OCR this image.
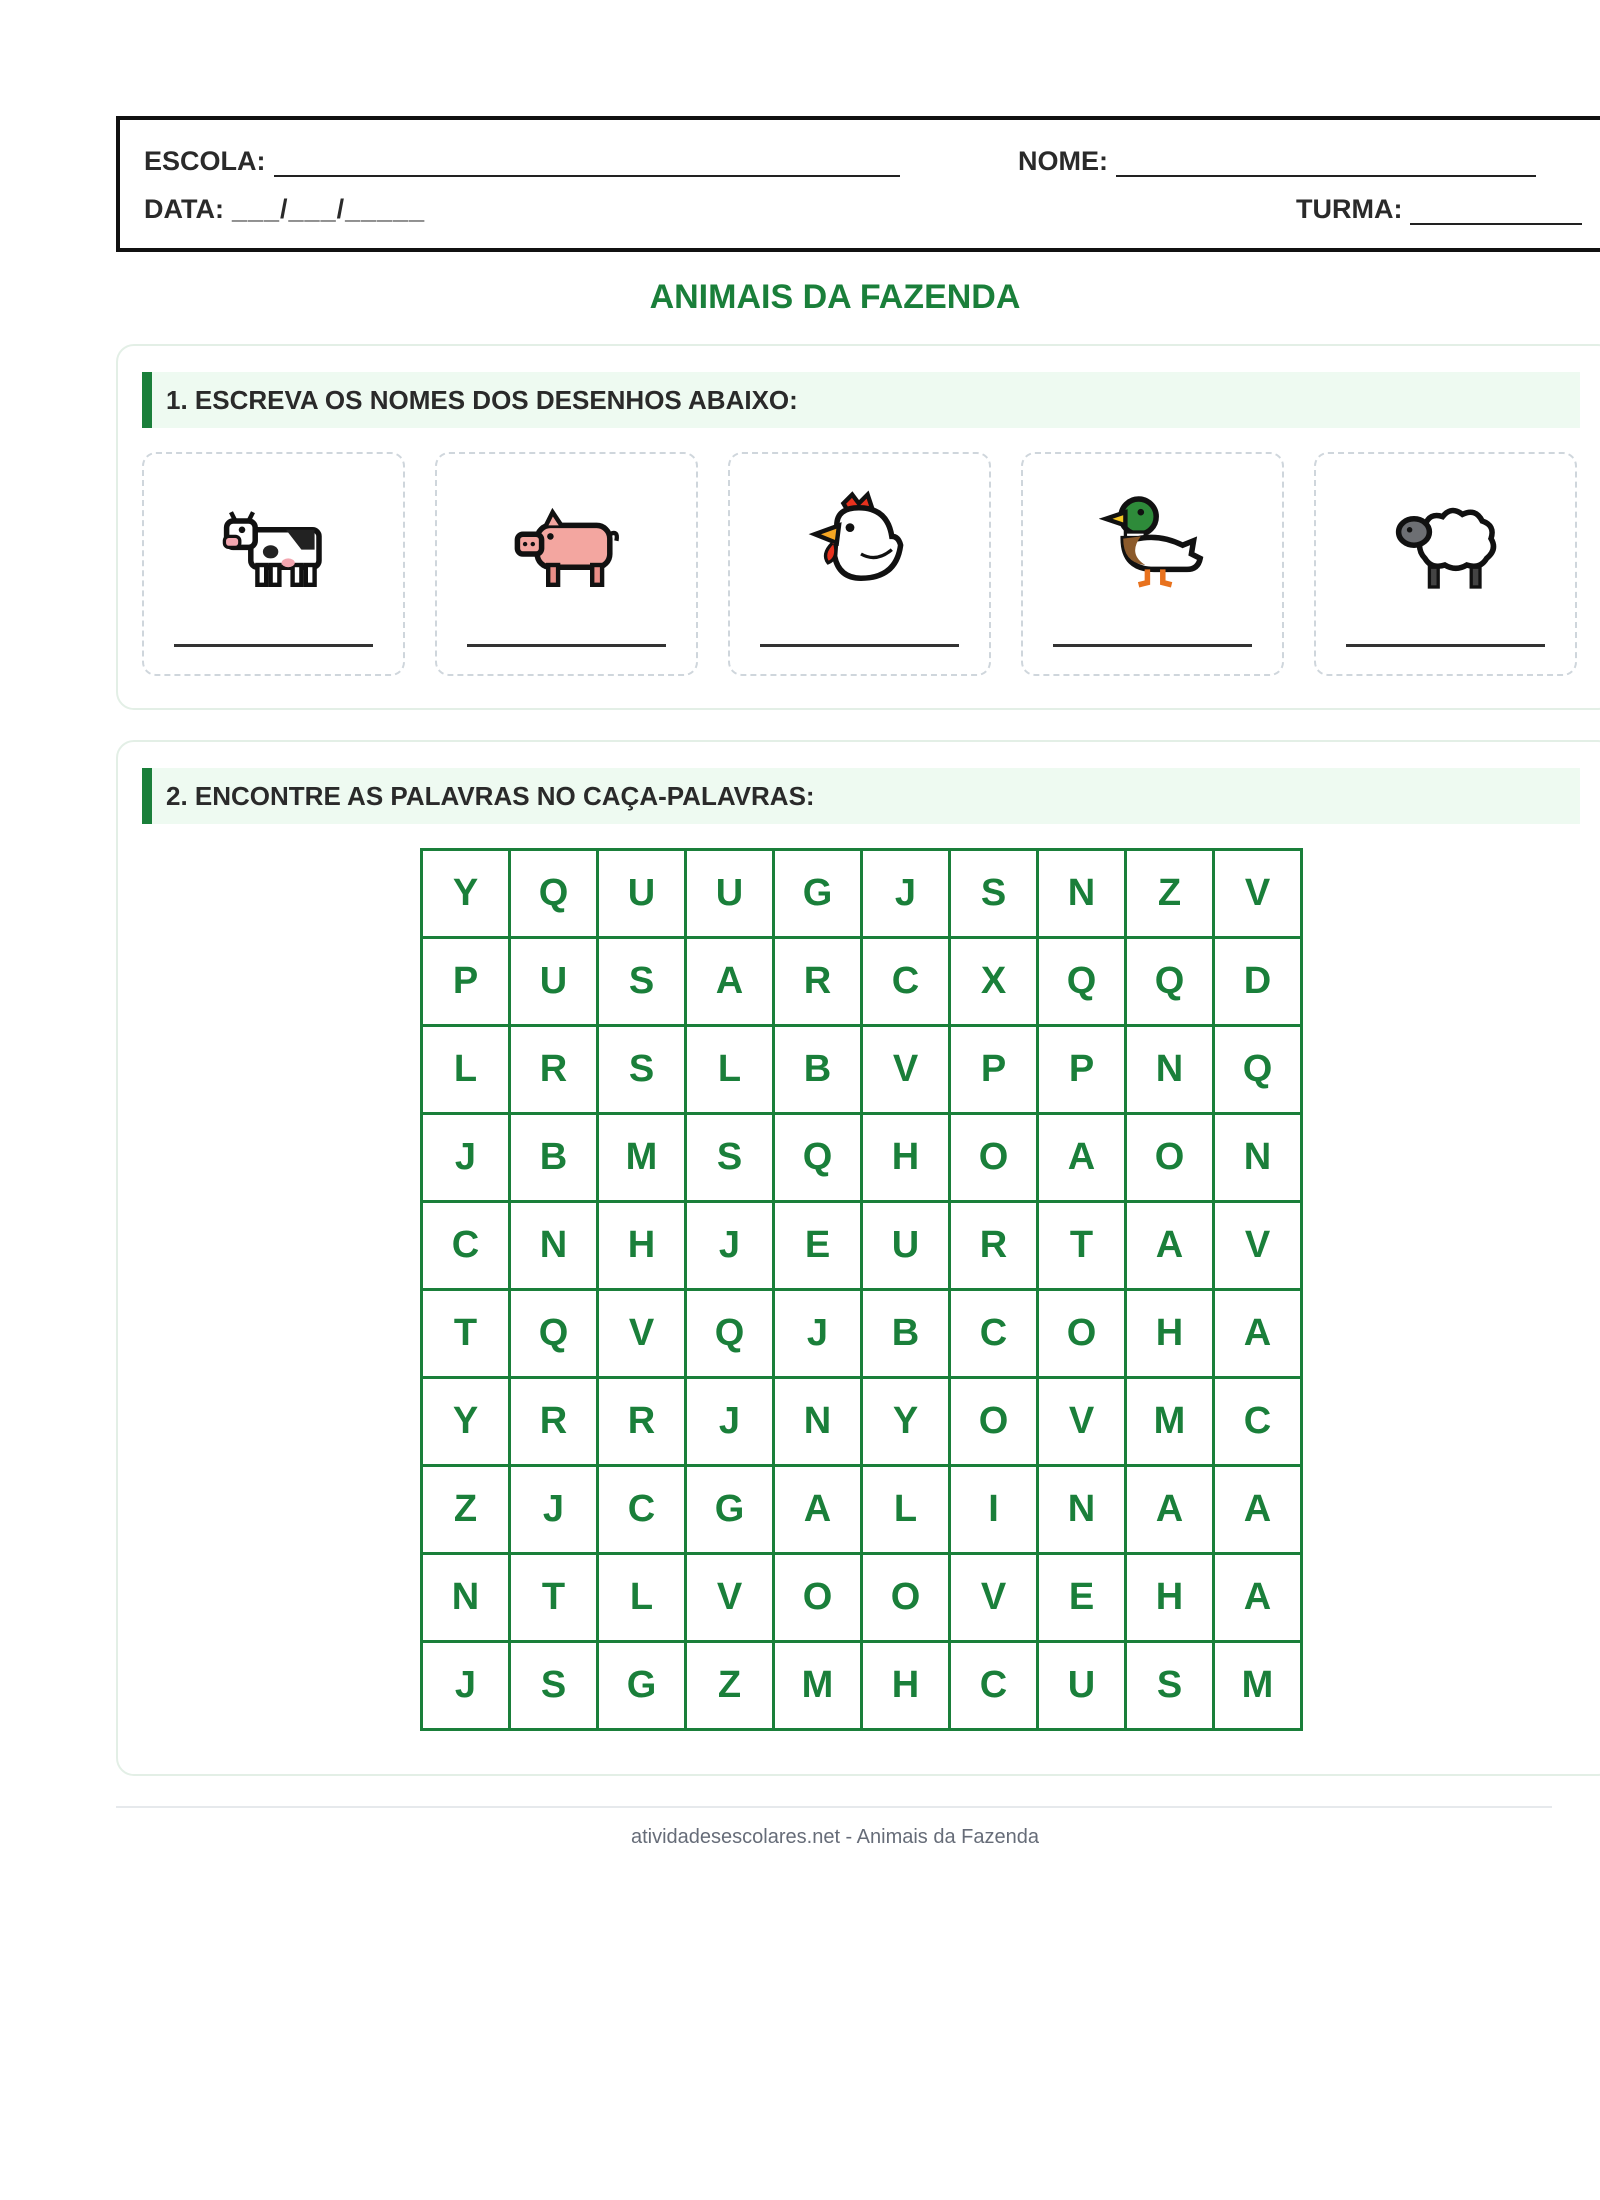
ESCOLA:	NOME:
DATA: ___/___/_____	TURMA:
ANIMAIS DA FAZENDA
1. ESCREVA OS NOMES DOS DESENHOS ABAIXO:
2. ENCONTRE AS PALAVRAS NO CAÇA-PALAVRAS:
Y	Q	U	U	G	J	S	N	Z	V
P	U	S	A	R	C	X	Q	Q	D
L	R	S	L	B	V	P	P	N	Q
J	B	M	S	Q	H	O	A	O	N
C	N	H	J	E	U	R	T	A	V
T	Q	V	Q	J	B	C	O	H	A
Y	R	R	J	N	Y	O	V	M	C
Z	J	C	G	A	L	I	N	A	A
N	T	L	V	O	O	V	E	H	A
J	S	G	Z	M	H	C	U	S	M
atividadesescolares.net - Animais da Fazenda
